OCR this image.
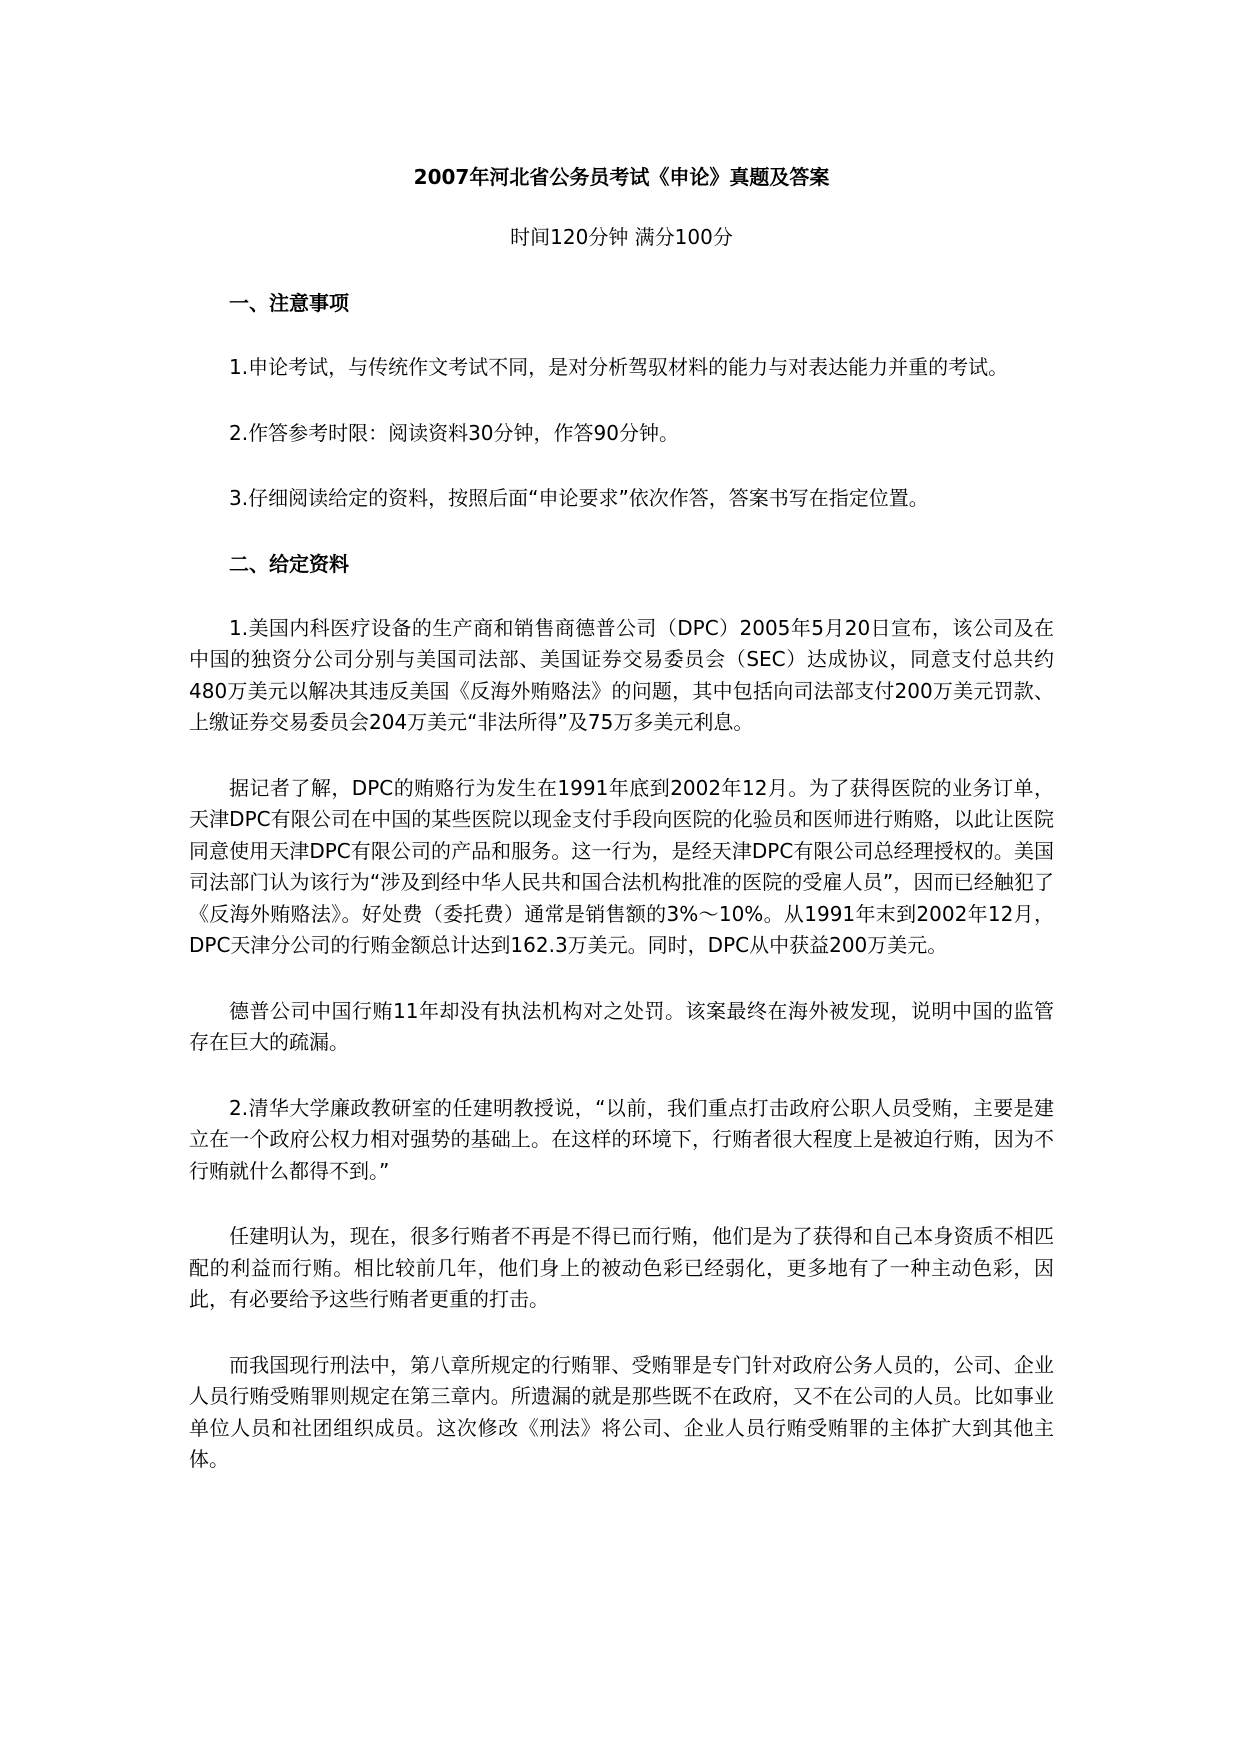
2007年河北省公务员考试《申论》真题及答案
时间120分钟 满分100分
一、注意事项

1.申论考试，与传统作文考试不同，是对分析驾驭材料的能力与对表达能力并重的考试。

2.作答参考时限：阅读资料30分钟，作答90分钟。

3.仔细阅读给定的资料，按照后面“申论要求”依次作答，答案书写在指定位置。

二、给定资料

1.美国内科医疗设备的生产商和销售商德普公司（DPC）2005年5月20日宣布，该公司及在中国的独资分公司分别与美国司法部、美国证券交易委员会（SEC）达成协议，同意支付总共约480万美元以解决其违反美国《反海外贿赂法》的问题，其中包括向司法部支付200万美元罚款、上缴证券交易委员会204万美元“非法所得”及75万多美元利息。

据记者了解，DPC的贿赂行为发生在1991年底到2002年12月。为了获得医院的业务订单，天津DPC有限公司在中国的某些医院以现金支付手段向医院的化验员和医师进行贿赂，以此让医院同意使用天津DPC有限公司的产品和服务。这一行为，是经天津DPC有限公司总经理授权的。美国司法部门认为该行为“涉及到经中华人民共和国合法机构批准的医院的受雇人员”，因而已经触犯了《反海外贿赂法》。好处费（委托费）通常是销售额的3%～10%。从1991年末到2002年12月，DPC天津分公司的行贿金额总计达到162.3万美元。同时，DPC从中获益200万美元。

德普公司中国行贿11年却没有执法机构对之处罚。该案最终在海外被发现，说明中国的监管存在巨大的疏漏。

2.清华大学廉政教研室的任建明教授说，“以前，我们重点打击政府公职人员受贿，主要是建立在一个政府公权力相对强势的基础上。在这样的环境下，行贿者很大程度上是被迫行贿，因为不行贿就什么都得不到。”

任建明认为，现在，很多行贿者不再是不得已而行贿，他们是为了获得和自己本身资质不相匹配的利益而行贿。相比较前几年，他们身上的被动色彩已经弱化，更多地有了一种主动色彩，因此，有必要给予这些行贿者更重的打击。

而我国现行刑法中，第八章所规定的行贿罪、受贿罪是专门针对政府公务人员的，公司、企业人员行贿受贿罪则规定在第三章内。所遗漏的就是那些既不在政府，又不在公司的人员。比如事业单位人员和社团组织成员。这次修改《刑法》将公司、企业人员行贿受贿罪的主体扩大到其他主体。
